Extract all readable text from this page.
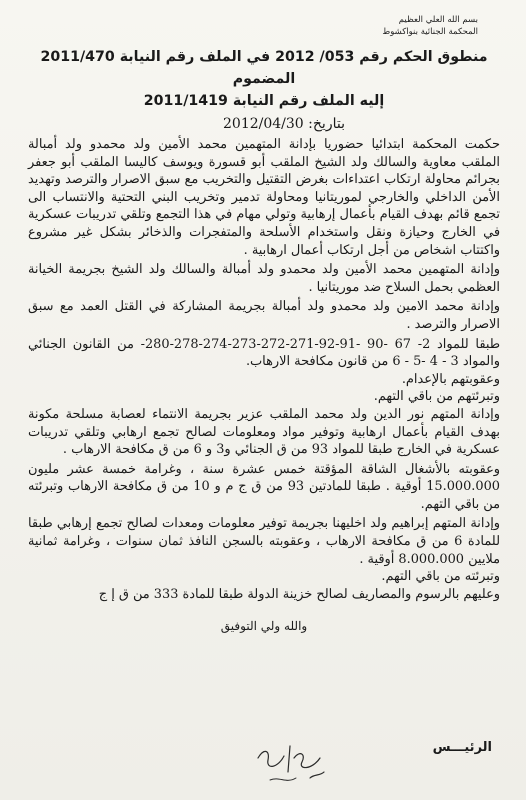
بسم الله العلي العظيم
المحكمة الجنائية بنواكشوط
منطوق الحكم رقم 053/ 2012 في الملف رقم النيابة 2011/470 المضموم
إليه الملف رقم النيابة 2011/1419
بتاريخ: 2012/04/30

حكمت المحكمة ابتدائيا حضوريا بإدانة المتهمين محمد الأمين ولد محمدو ولد أمبالة الملقب معاوية والسالك ولد الشيخ الملقب أبو قسورة ويوسف كاليسا الملقب أبو جعفر بجرائم محاولة ارتكاب اعتداءات بغرض التقتيل والتخريب مع سبق الاصرار والترصد وتهديد الأمن الداخلي والخارجي لموريتانيا ومحاولة تدمير وتخريب البني التحتية والانتساب الى تجمع قائم بهدف القيام بأعمال إرهابية وتولي مهام في هذا التجمع وتلقي تدريبات عسكرية في الخارج وحيازة ونقل واستخدام الأسلحة والمتفجرات والذخائر بشكل غير مشروع واكتتاب اشخاص من أجل ارتكاب أعمال ارهابية .

وإدانة المتهمين محمد الأمين ولد محمدو ولد أمبالة والسالك ولد الشيخ بجريمة الخيانة العظمي بحمل السلاح ضد موريتانيا .

وإدانة محمد الامين ولد محمدو ولد أمبالة بجريمة المشاركة في القتل العمد مع سبق الاصرار والترصد .

طبقا للمواد 2- 67 -90 -91-92-271-272-273-274-278-280- من القانون الجنائي والمواد 3 - 4 -5 - 6 من قانون مكافحة الارهاب.

وعقوبتهم بالإعدام.

وتبرئتهم من باقي التهم.

وإدانة المتهم نور الدين ولد محمد الملقب عزير بجريمة الانتماء لعصابة مسلحة مكونة بهدف القيام بأعمال ارهابية وتوفير مواد ومعلومات لصالح تجمع ارهابي وتلقي تدريبات عسكرية في الخارج طبقا للمواد 93 من ق الجنائي و3 و 6 من ق مكافحة الارهاب .

وعقوبته بالأشغال الشاقة المؤقتة خمس عشرة سنة ، وغرامة خمسة عشر مليون 15.000.000 أوقية . طبقا للمادتين 93 من ق ج م و 10 من ق مكافحة الارهاب وتبرئته من باقي التهم.

وإدانة المتهم إبراهيم ولد اخليهنا بجريمة توفير معلومات ومعدات لصالح تجمع إرهابي طبقا للمادة 6 من ق مكافحة الارهاب ، وعقوبته بالسجن النافذ ثمان سنوات ، وغرامة ثمانية ملايين 8.000.000 أوقية .

وتبرئته من باقي التهم.

وعليهم بالرسوم والمصاريف لصالح خزينة الدولة طبقا للمادة 333 من ق إ ج

والله ولي التوفيق
الرئيـــس
